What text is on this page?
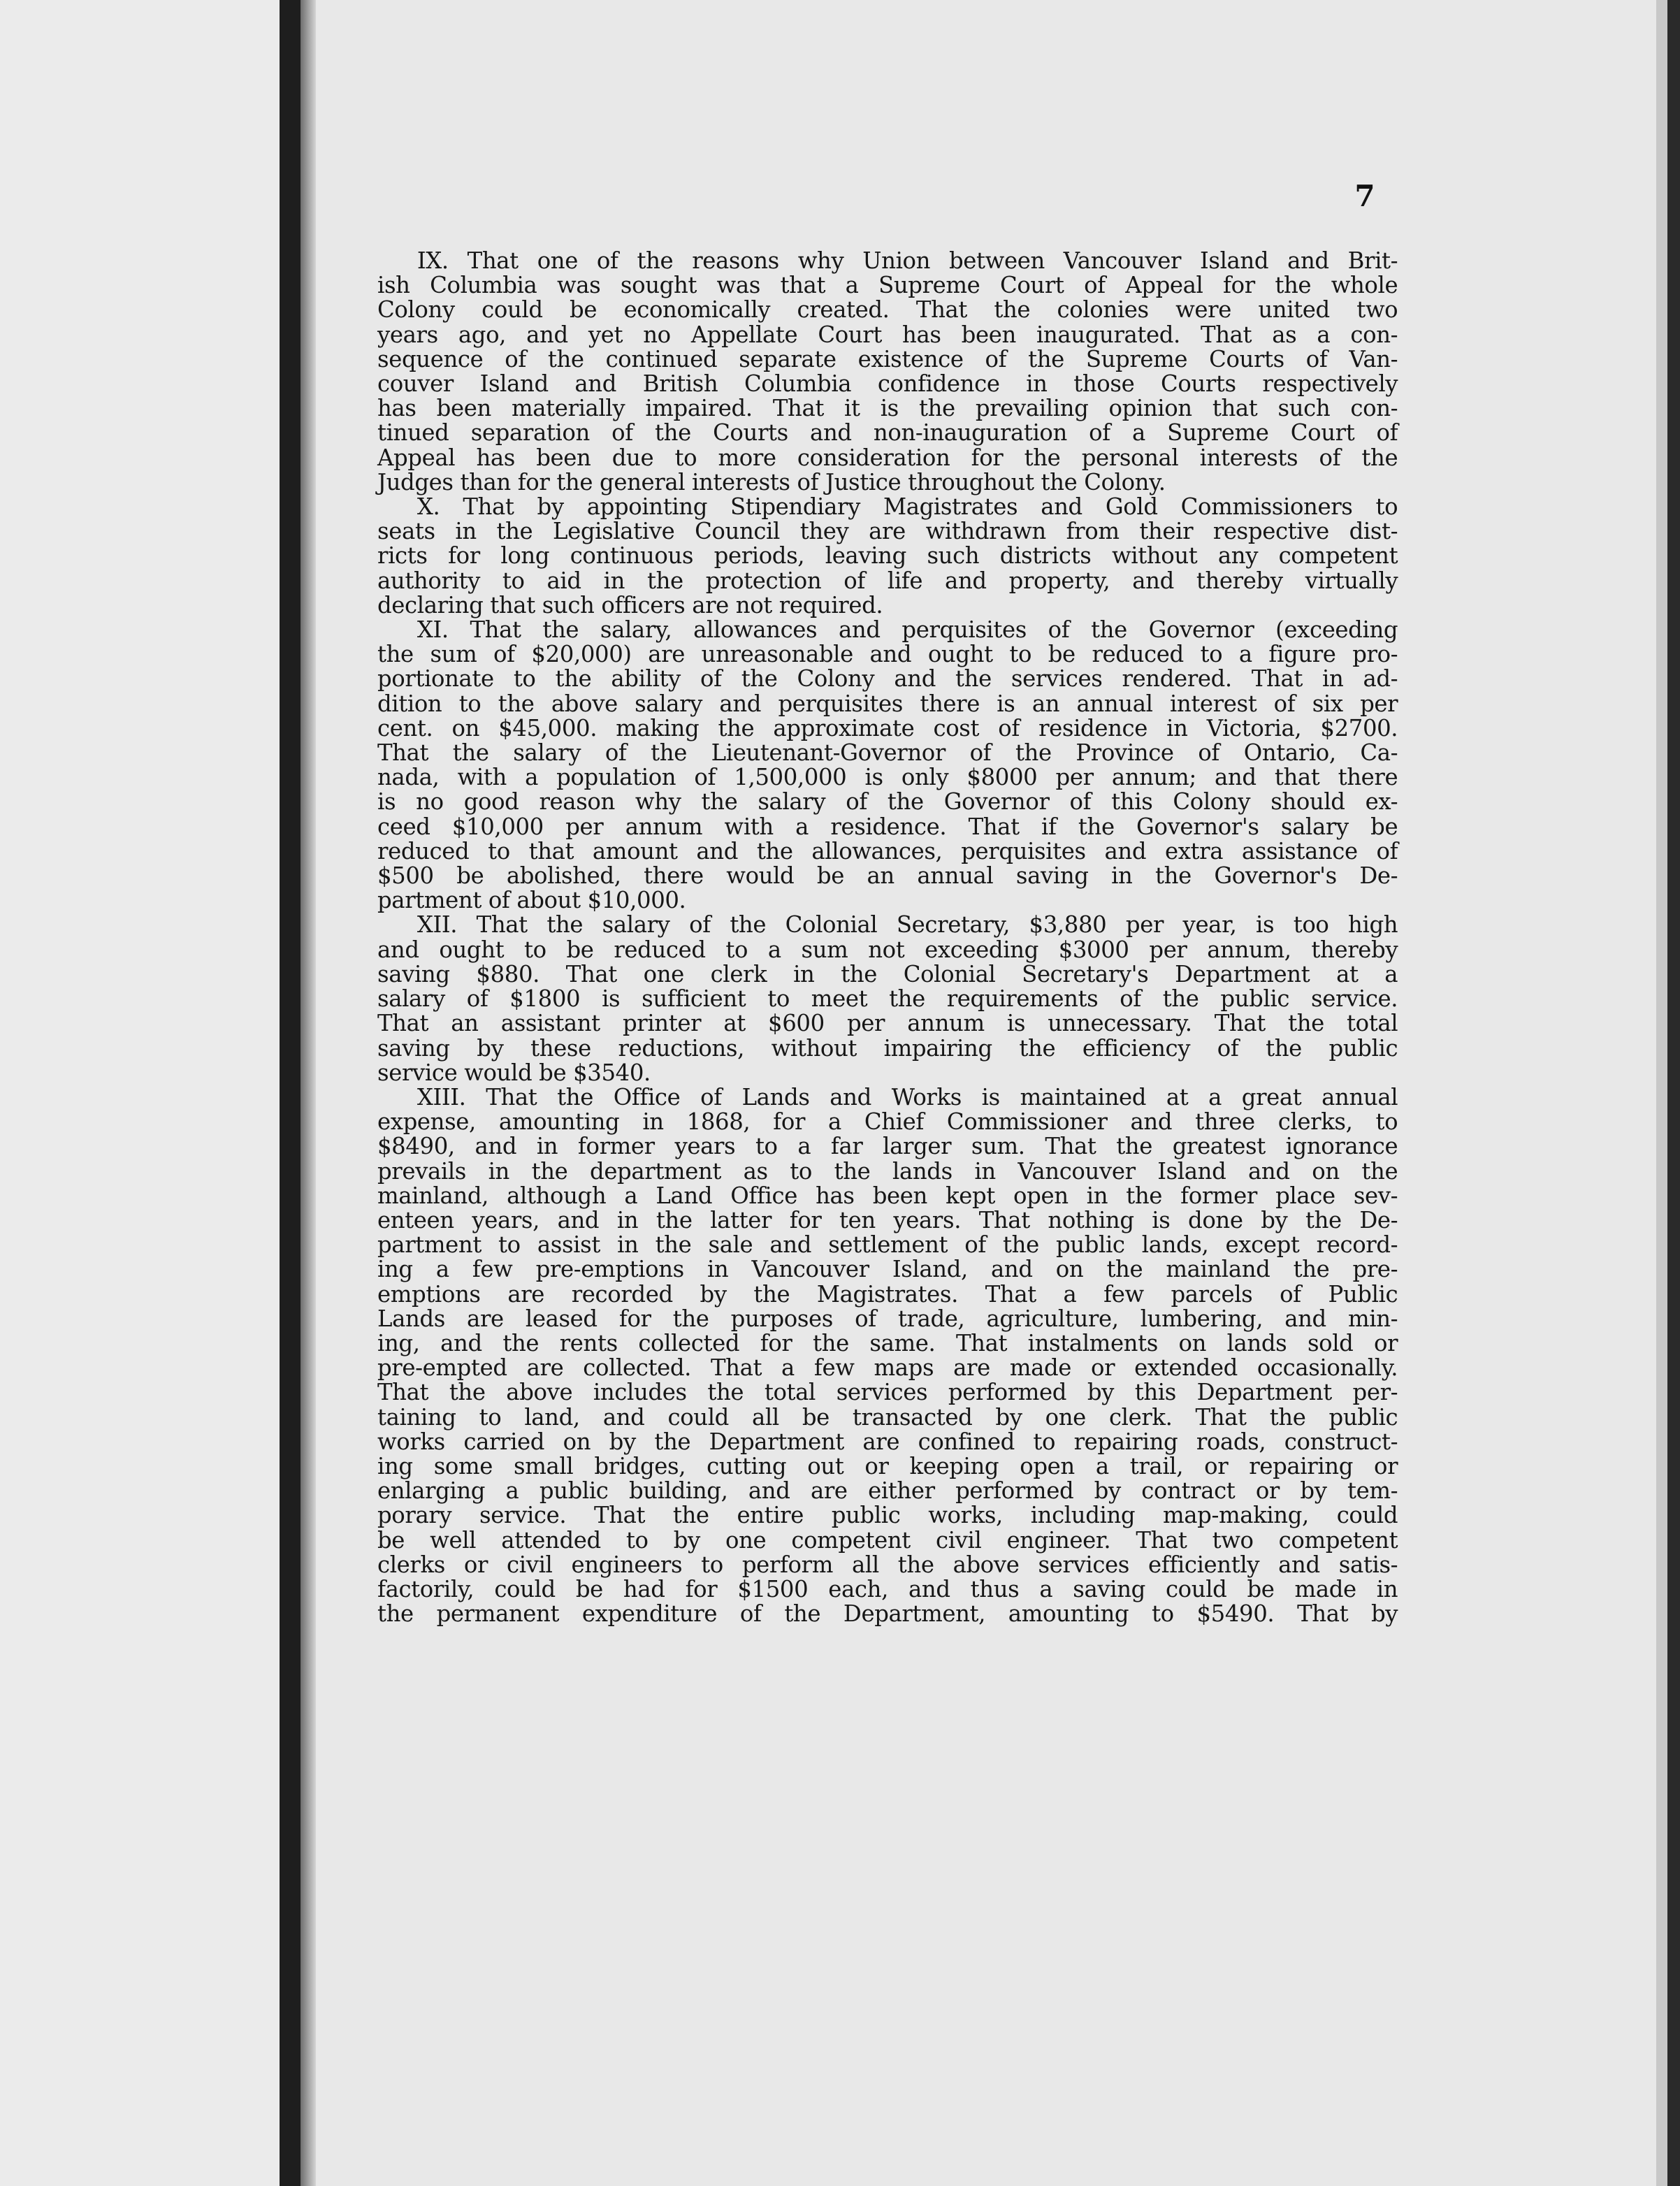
7
IX. That one of the reasons why Union between Vancouver Island and Brit-
ish Columbia was sought was that a Supreme Court of Appeal for the whole
Colony could be economically created. That the colonies were united two
years ago, and yet no Appellate Court has been inaugurated. That as a con-
sequence of the continued separate existence of the Supreme Courts of Van-
couver Island and British Columbia confidence in those Courts respectively
has been materially impaired. That it is the prevailing opinion that such con-
tinued separation of the Courts and non-inauguration of a Supreme Court of
Appeal has been due to more consideration for the personal interests of the
Judges than for the general interests of Justice throughout the Colony.
X. That by appointing Stipendiary Magistrates and Gold Commissioners to
seats in the Legislative Council they are withdrawn from their respective dist-
ricts for long continuous periods, leaving such districts without any competent
authority to aid in the protection of life and property, and thereby virtually
declaring that such officers are not required.
XI. That the salary, allowances and perquisites of the Governor (exceeding
the sum of $20,000) are unreasonable and ought to be reduced to a figure pro-
portionate to the ability of the Colony and the services rendered. That in ad-
dition to the above salary and perquisites there is an annual interest of six per
cent. on $45,000. making the approximate cost of residence in Victoria, $2700.
That the salary of the Lieutenant-Governor of the Province of Ontario, Ca-
nada, with a population of 1,500,000 is only $8000 per annum; and that there
is no good reason why the salary of the Governor of this Colony should ex-
ceed $10,000 per annum with a residence. That if the Governor's salary be
reduced to that amount and the allowances, perquisites and extra assistance of
$500 be abolished, there would be an annual saving in the Governor's De-
partment of about $10,000.
XII. That the salary of the Colonial Secretary, $3,880 per year, is too high
and ought to be reduced to a sum not exceeding $3000 per annum, thereby
saving $880. That one clerk in the Colonial Secretary's Department at a
salary of $1800 is sufficient to meet the requirements of the public service.
That an assistant printer at $600 per annum is unnecessary. That the total
saving by these reductions, without impairing the efficiency of the public
service would be $3540.
XIII. That the Office of Lands and Works is maintained at a great annual
expense, amounting in 1868, for a Chief Commissioner and three clerks, to
$8490, and in former years to a far larger sum. That the greatest ignorance
prevails in the department as to the lands in Vancouver Island and on the
mainland, although a Land Office has been kept open in the former place sev-
enteen years, and in the latter for ten years. That nothing is done by the De-
partment to assist in the sale and settlement of the public lands, except record-
ing a few pre-emptions in Vancouver Island, and on the mainland the pre-
emptions are recorded by the Magistrates. That a few parcels of Public
Lands are leased for the purposes of trade, agriculture, lumbering, and min-
ing, and the rents collected for the same. That instalments on lands sold or
pre-empted are collected. That a few maps are made or extended occasionally.
That the above includes the total services performed by this Department per-
taining to land, and could all be transacted by one clerk. That the public
works carried on by the Department are confined to repairing roads, construct-
ing some small bridges, cutting out or keeping open a trail, or repairing or
enlarging a public building, and are either performed by contract or by tem-
porary service. That the entire public works, including map-making, could
be well attended to by one competent civil engineer. That two competent
clerks or civil engineers to perform all the above services efficiently and satis-
factorily, could be had for $1500 each, and thus a saving could be made in
the permanent expenditure of the Department, amounting to $5490. That by
